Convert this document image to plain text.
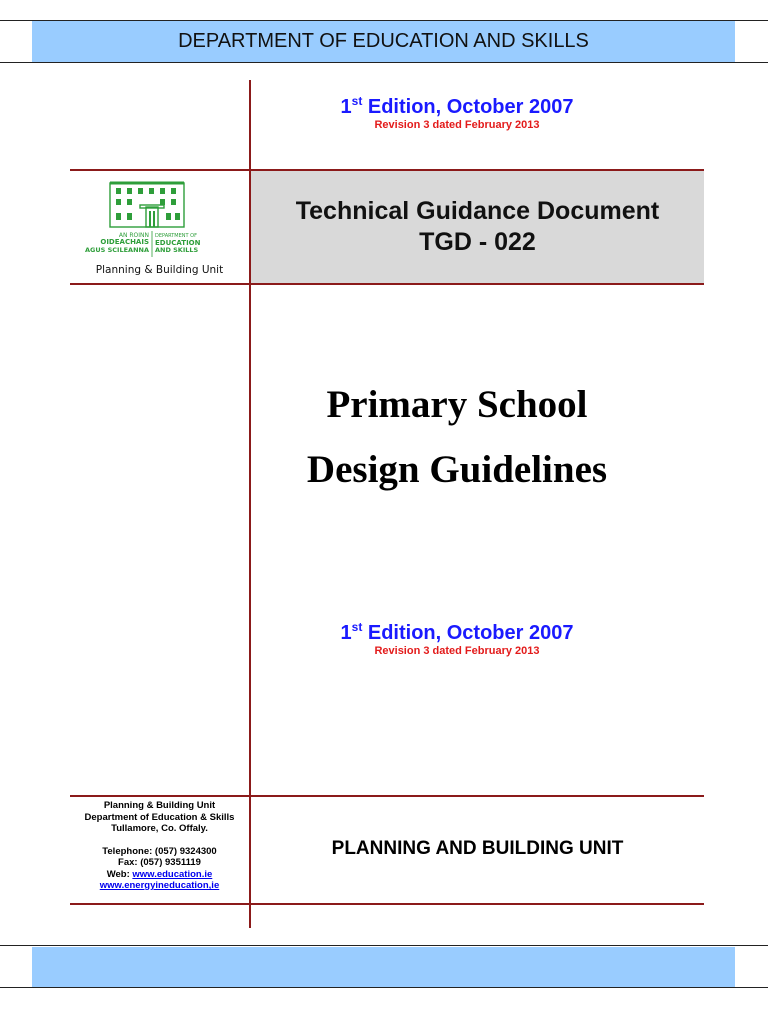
DEPARTMENT OF EDUCATION AND SKILLS
1st Edition, October 2007
Revision 3 dated February 2013
AN ROINN
OIDEACHAIS
AGUS SCILEANNA
DEPARTMENT OF
EDUCATION
AND SKILLS
Planning & Building Unit
Technical Guidance Document
TGD - 022
Primary School
Design Guidelines
1st Edition, October 2007
Revision 3 dated February 2013
Planning & Building Unit
Department of Education & Skills
Tullamore, Co. Offaly.
Telephone: (057) 9324300
Fax: (057) 9351119
Web: www.education.ie
www.energyineducation,ie
PLANNING AND BUILDING UNIT
